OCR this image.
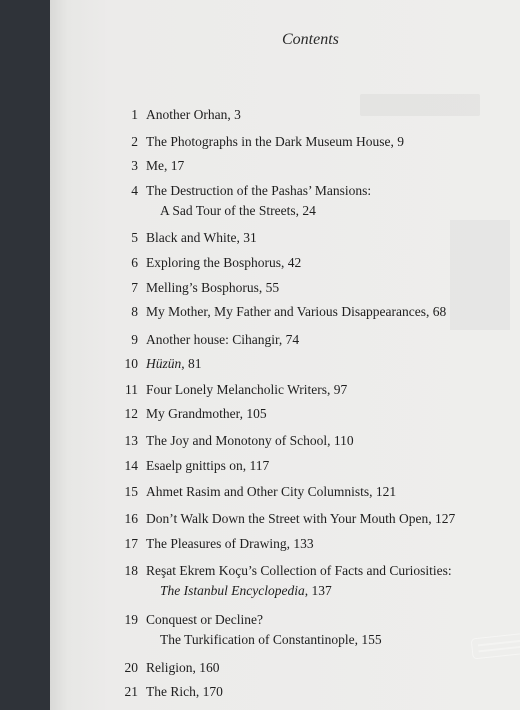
Contents
1 Another Orhan, 3
2 The Photographs in the Dark Museum House, 9
3 Me, 17
4 The Destruction of the Pashas’ Mansions:
A Sad Tour of the Streets, 24
5 Black and White, 31
6 Exploring the Bosphorus, 42
7 Melling’s Bosphorus, 55
8 My Mother, My Father and Various Disappearances, 68
9 Another house: Cihangir, 74
10 Hüzün, 81
11 Four Lonely Melancholic Writers, 97
12 My Grandmother, 105
13 The Joy and Monotony of School, 110
14 Esaelp gnittips on, 117
15 Ahmet Rasim and Other City Columnists, 121
16 Don’t Walk Down the Street with Your Mouth Open, 127
17 The Pleasures of Drawing, 133
18 Reşat Ekrem Koçu’s Collection of Facts and Curiosities:
The Istanbul Encyclopedia, 137
19 Conquest or Decline?
The Turkification of Constantinople, 155
20 Religion, 160
21 The Rich, 170
